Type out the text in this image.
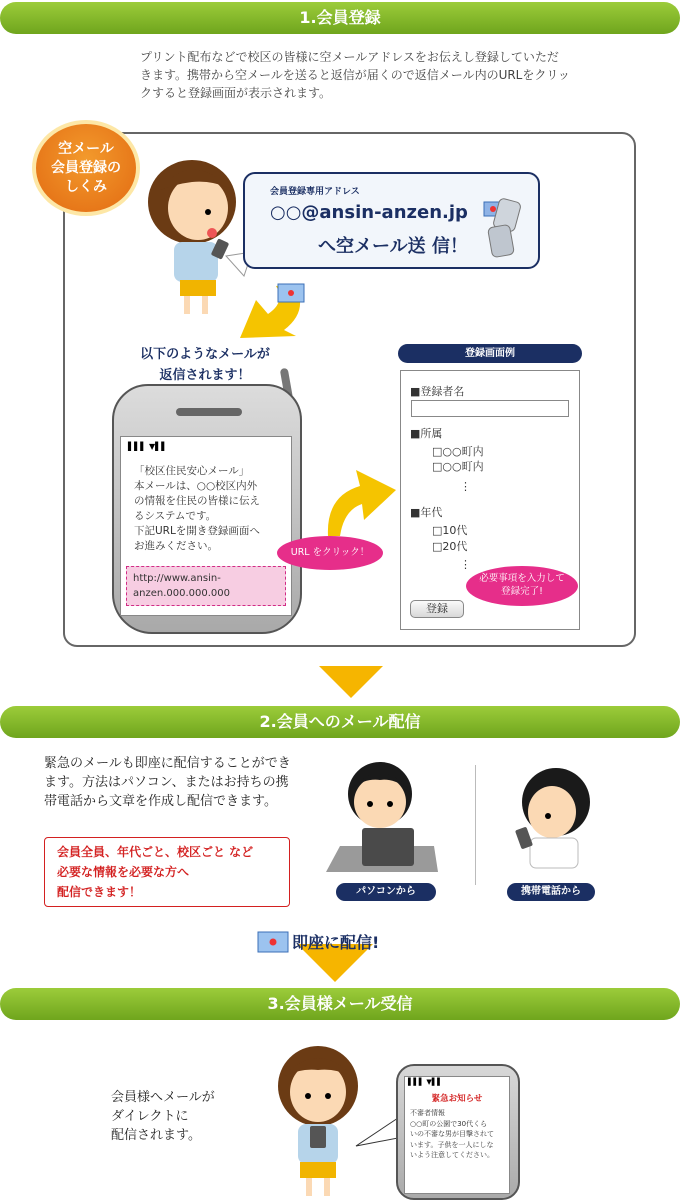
1.会員登録
プリント配布などで校区の皆様に空メールアドレスをお伝えし登録していただきます。携帯から空メールを送ると返信が届くので返信メール内のURLをクリックすると登録画面が表示されます。
空メール
会員登録の
しくみ	会員登録専用アドレス
○○@ansin-anzen.jp
へ空メール送 信！
以下のようなメールが
返信されます！
▌▌▌ ▼▌▌
「校区住民安心メール」
本メールは、○○校区内外
の情報を住民の皆様に伝え
るシステムです。
下記URLを開き登録画面へ
お進みください。
http://www.ansin-anzen.000.000.000
URL をクリック！
登録画面例
■登録者名
■所属
□○○町内
□○○町内
⋮
■年代
□10代
□20代
⋮
登録
必要事項を入力して
登録完了!
2.会員へのメール配信
緊急のメールも即座に配信することができます。方法はパソコン、またはお持ちの携帯電話から文章を作成し配信できます。
会員全員、年代ごと、校区ごと など
必要な情報を必要な方へ
配信できます！	パソコンから	携帯電話から
即座に配信!
3.会員様メール受信
会員様へメールが
ダイレクトに
配信されます。
▌▌▌ ▼▌▌
緊急お知らせ
不審者情報
○○町の公園で30代くら
いの不審な男が目撃されて
います。子供を一人にしな
いよう注意してください。
